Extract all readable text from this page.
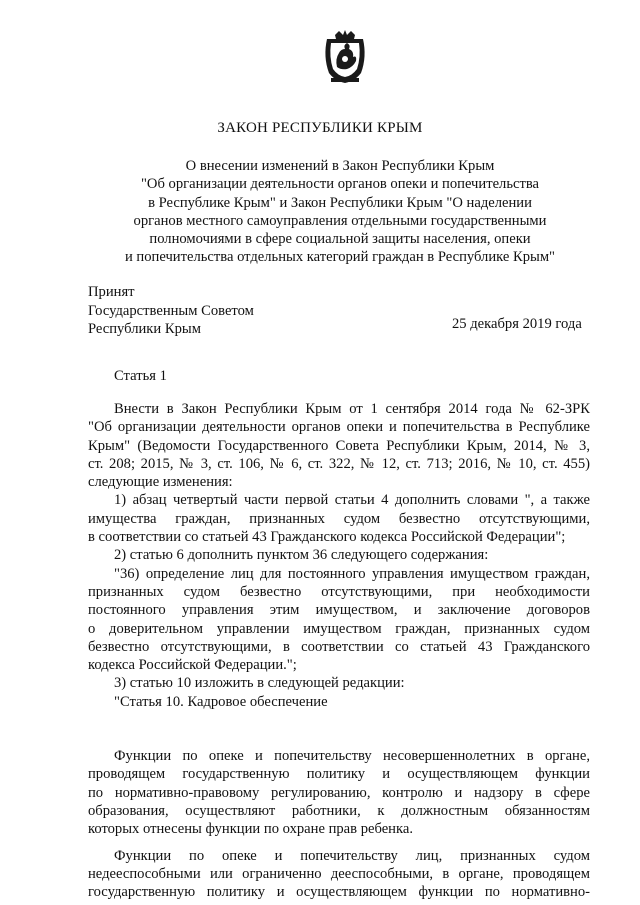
ЗАКОН РЕСПУБЛИКИ КРЫМ
О внесении изменений в Закон Республики Крым
"Об организации деятельности органов опеки и попечительства
в Республике Крым" и Закон Республики Крым "О наделении
органов местного самоуправления отдельными государственными
полномочиями в сфере социальной защиты населения, опеки
и попечительства отдельных категорий граждан в Республике Крым"
Принят
Государственным Советом
Республики Крым	25 декабря 2019 года
Статья 1
Внести в Закон Республики Крым от 1 сентября 2014 года № 62-ЗРК
"Об организации деятельности органов опеки и попечительства в Республике
Крым" (Ведомости Государственного Совета Республики Крым, 2014, № 3,
ст. 208; 2015, № 3, ст. 106, № 6, ст. 322, № 12, ст. 713; 2016, № 10, ст. 455)
следующие изменения:
1) абзац четвертый части первой статьи 4 дополнить словами ", а также
имущества граждан, признанных судом безвестно отсутствующими,
в соответствии со статьей 43 Гражданского кодекса Российской Федерации";
2) статью 6 дополнить пунктом 36 следующего содержания:
"36) определение лиц для постоянного управления имуществом граждан,
признанных судом безвестно отсутствующими, при необходимости
постоянного управления этим имуществом, и заключение договоров
о доверительном управлении имуществом граждан, признанных судом
безвестно отсутствующими, в соответствии со статьей 43 Гражданского
кодекса Российской Федерации.";
3) статью 10 изложить в следующей редакции:
"Статья 10. Кадровое обеспечение
Функции по опеке и попечительству несовершеннолетних в органе,
проводящем государственную политику и осуществляющем функции
по нормативно-правовому регулированию, контролю и надзору в сфере
образования, осуществляют работники, к должностным обязанностям
которых отнесены функции по охране прав ребенка.
Функции по опеке и попечительству лиц, признанных судом
недееспособными или ограниченно дееспособными, в органе, проводящем
государственную политику и осуществляющем функции по нормативно-
